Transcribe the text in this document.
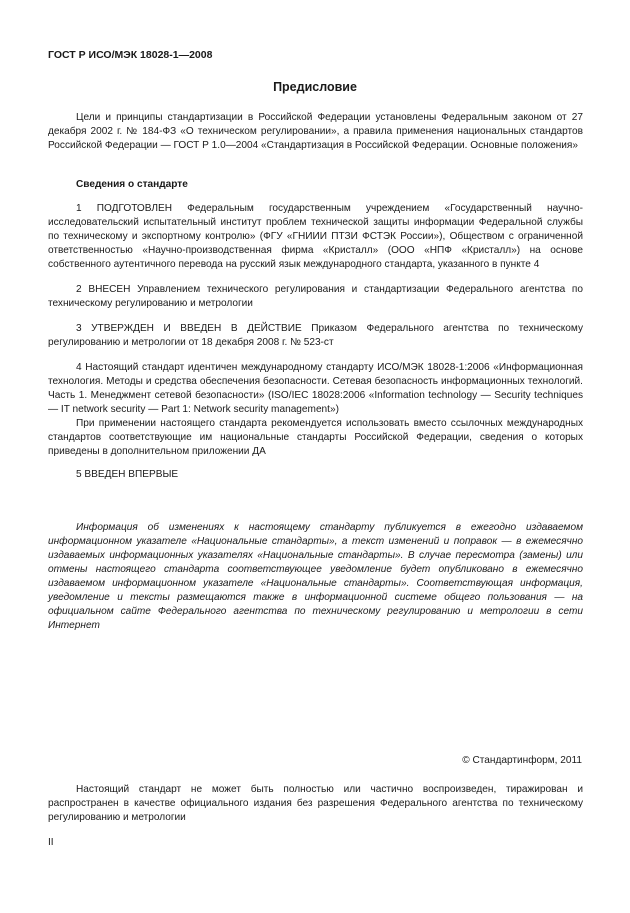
ГОСТ Р ИСО/МЭК 18028-1—2008
Предисловие

Цели и принципы стандартизации в Российской Федерации установлены Федеральным законом от 27 декабря 2002 г. № 184-ФЗ «О техническом регулировании», а правила применения национальных стандартов Российской Федерации — ГОСТ Р 1.0—2004 «Стандартизация в Российской Федерации. Основные положения»

Сведения о стандарте

1 ПОДГОТОВЛЕН Федеральным государственным учреждением «Государственный научно-исследовательский испытательный институт проблем технической защиты информации Федеральной службы по техническому и экспортному контролю» (ФГУ «ГНИИИ ПТЗИ ФСТЭК России»), Обществом с ограниченной ответственностью «Научно-производственная фирма «Кристалл» (ООО «НПФ «Кристалл») на основе собственного аутентичного перевода на русский язык международного стандарта, указанного в пункте 4

2 ВНЕСЕН Управлением технического регулирования и стандартизации Федерального агентства по техническому регулированию и метрологии

3 УТВЕРЖДЕН И ВВЕДЕН В ДЕЙСТВИЕ Приказом Федерального агентства по техническому регулированию и метрологии от 18 декабря 2008 г. № 523-ст

4 Настоящий стандарт идентичен международному стандарту ИСО/МЭК 18028-1:2006 «Информационная технология. Методы и средства обеспечения безопасности. Сетевая безопасность информационных технологий. Часть 1. Менеджмент сетевой безопасности» (ISO/IEC 18028:2006 «Information technology — Security techniques — IT network security — Part 1: Network security management»)

При применении настоящего стандарта рекомендуется использовать вместо ссылочных международных стандартов соответствующие им национальные стандарты Российской Федерации, сведения о которых приведены в дополнительном приложении ДА

5 ВВЕДЕН ВПЕРВЫЕ

Информация об изменениях к настоящему стандарту публикуется в ежегодно издаваемом информационном указателе «Национальные стандарты», а текст изменений и поправок — в ежемесячно издаваемых информационных указателях «Национальные стандарты». В случае пересмотра (замены) или отмены настоящего стандарта соответствующее уведомление будет опубликовано в ежемесячно издаваемом информационном указателе «Национальные стандарты». Соответствующая информация, уведомление и тексты размещаются также в информационной системе общего пользования — на официальном сайте Федерального агентства по техническому регулированию и метрологии в сети Интернет

© Стандартинформ, 2011

Настоящий стандарт не может быть полностью или частично воспроизведен, тиражирован и распространен в качестве официального издания без разрешения Федерального агентства по техническому регулированию и метрологии

II
